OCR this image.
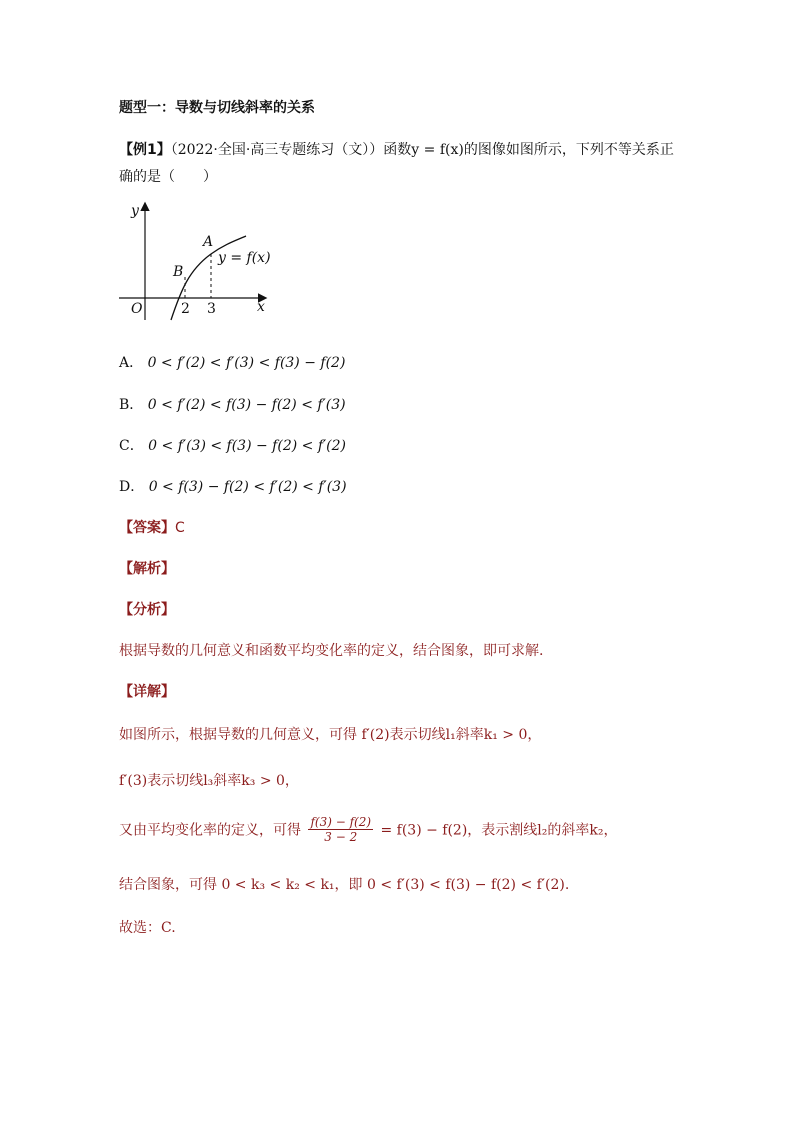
题型一：导数与切线斜率的关系
【例1】（2022·全国·高三专题练习（文））函数y = f(x)的图像如图所示，下列不等关系正
确的是（　　）
y
x
O
A
B
y = f(x)
2 3
A． 0 < f′(2) < f′(3) < f(3) − f(2)
B． 0 < f′(2) < f(3) − f(2) < f′(3)
C． 0 < f′(3) < f(3) − f(2) < f′(2)
D． 0 < f(3) − f(2) < f′(2) < f′(3)
【答案】C
【解析】
【分析】
根据导数的几何意义和函数平均变化率的定义，结合图象，即可求解.
【详解】
如图所示，根据导数的几何意义，可得 f′(2)表示切线l₁斜率k₁ > 0，
f′(3)表示切线l₃斜率k₃ > 0，
又由平均变化率的定义，可得 $\frac{f(3) - f(2)}{3 - 2} = f(3) - f(2)$，表示割线l₂的斜率k₂，
结合图象，可得 0 < k₃ < k₂ < k₁，即 0 < f′(3) < f(3) − f(2) < f′(2).
故选：C.
